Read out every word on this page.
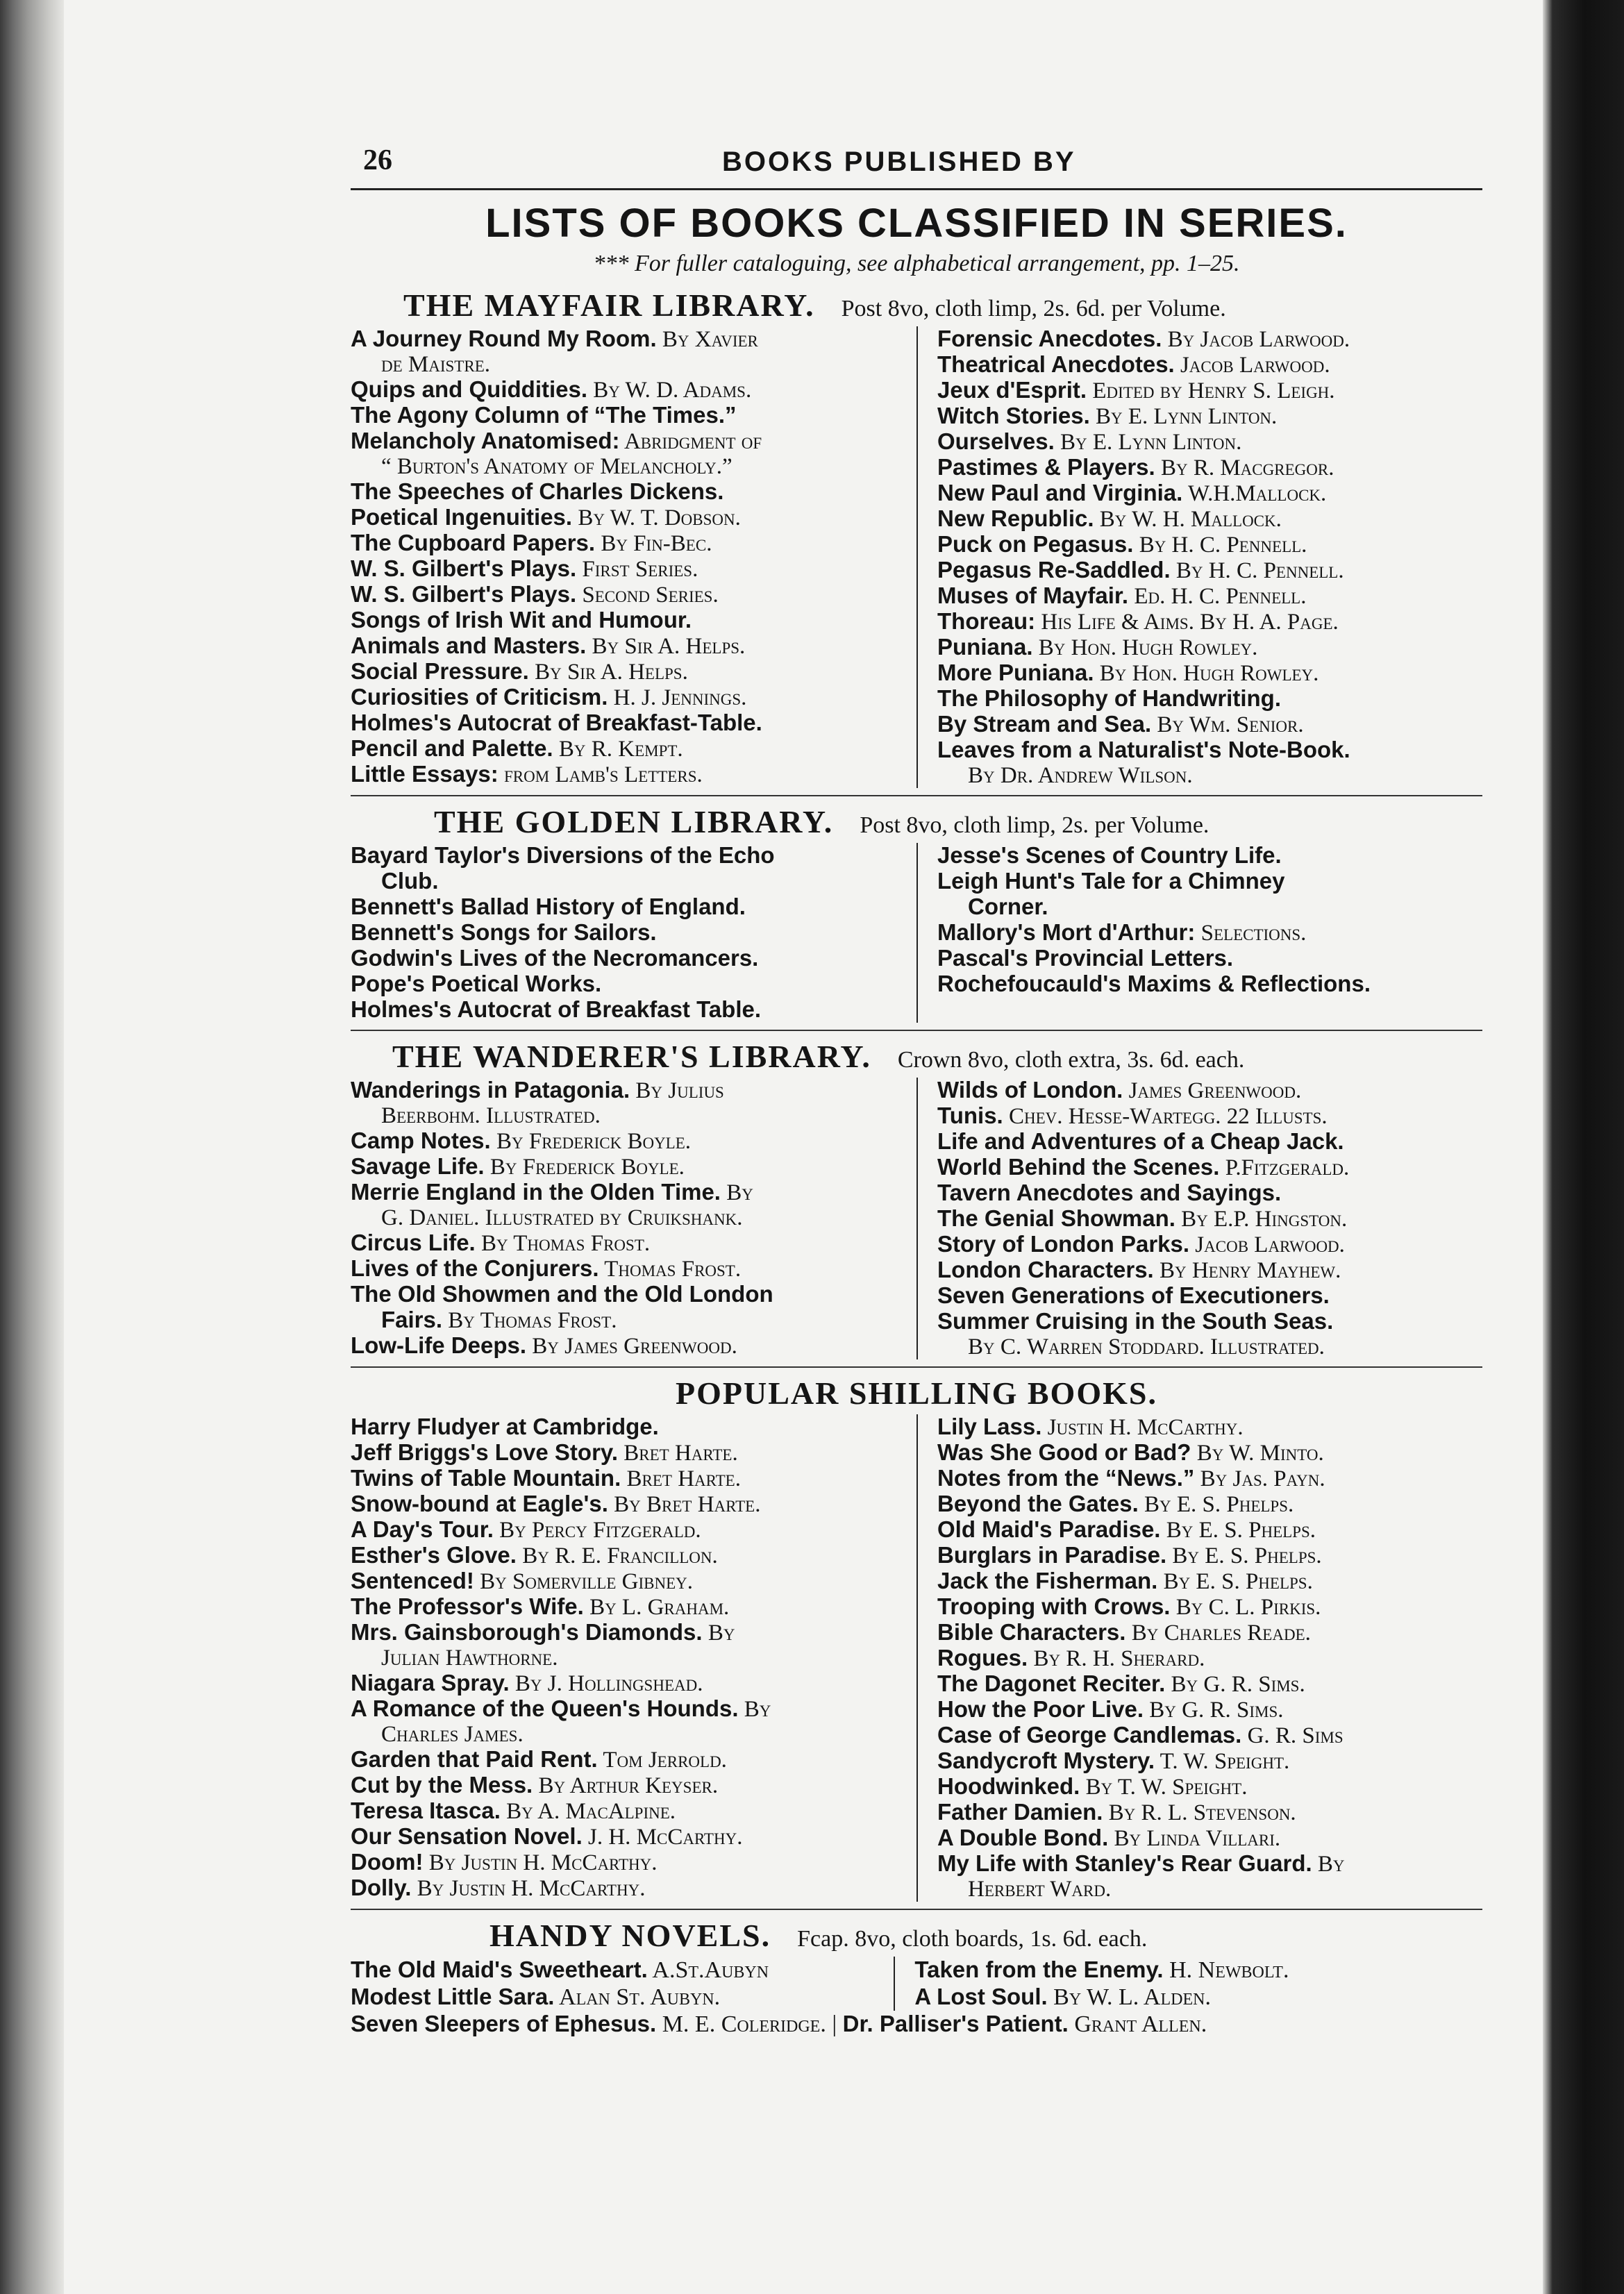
26	BOOKS PUBLISHED BY
LISTS OF BOOKS CLASSIFIED IN SERIES.
*** For fuller cataloguing, see alphabetical arrangement, pp. 1–25.
THE MAYFAIR LIBRARY. Post 8vo, cloth limp, 2s. 6d. per Volume.

A Journey Round My Room. By Xavier
de Maistre.

Quips and Quiddities. By W. D. Adams.

The Agony Column of “The Times.”

Melancholy Anatomised: Abridgment of
“ Burton's Anatomy of Melancholy.”

The Speeches of Charles Dickens.

Poetical Ingenuities. By W. T. Dobson.

The Cupboard Papers. By Fin-Bec.

W. S. Gilbert's Plays. First Series.

W. S. Gilbert's Plays. Second Series.

Songs of Irish Wit and Humour.

Animals and Masters. By Sir A. Helps.

Social Pressure. By Sir A. Helps.

Curiosities of Criticism. H. J. Jennings.

Holmes's Autocrat of Breakfast-Table.

Pencil and Palette. By R. Kempt.

Little Essays: from Lamb's Letters.

Forensic Anecdotes. By Jacob Larwood.

Theatrical Anecdotes. Jacob Larwood.

Jeux d'Esprit. Edited by Henry S. Leigh.

Witch Stories. By E. Lynn Linton.

Ourselves. By E. Lynn Linton.

Pastimes & Players. By R. Macgregor.

New Paul and Virginia. W.H.Mallock.

New Republic. By W. H. Mallock.

Puck on Pegasus. By H. C. Pennell.

Pegasus Re-Saddled. By H. C. Pennell.

Muses of Mayfair. Ed. H. C. Pennell.

Thoreau: His Life & Aims. By H. A. Page.

Puniana. By Hon. Hugh Rowley.

More Puniana. By Hon. Hugh Rowley.

The Philosophy of Handwriting.

By Stream and Sea. By Wm. Senior.

Leaves from a Naturalist's Note-Book.
By Dr. Andrew Wilson.

THE GOLDEN LIBRARY. Post 8vo, cloth limp, 2s. per Volume.

Bayard Taylor's Diversions of the Echo
Club.

Bennett's Ballad History of England.

Bennett's Songs for Sailors.

Godwin's Lives of the Necromancers.

Pope's Poetical Works.

Holmes's Autocrat of Breakfast Table.

Jesse's Scenes of Country Life.

Leigh Hunt's Tale for a Chimney
Corner.

Mallory's Mort d'Arthur: Selections.

Pascal's Provincial Letters.

Rochefoucauld's Maxims & Reflections.

THE WANDERER'S LIBRARY. Crown 8vo, cloth extra, 3s. 6d. each.

Wanderings in Patagonia. By Julius
Beerbohm. Illustrated.

Camp Notes. By Frederick Boyle.

Savage Life. By Frederick Boyle.

Merrie England in the Olden Time. By
G. Daniel. Illustrated by Cruikshank.

Circus Life. By Thomas Frost.

Lives of the Conjurers. Thomas Frost.

The Old Showmen and the Old London
Fairs. By Thomas Frost.

Low-Life Deeps. By James Greenwood.

Wilds of London. James Greenwood.

Tunis. Chev. Hesse-Wartegg. 22 Illusts.

Life and Adventures of a Cheap Jack.

World Behind the Scenes. P.Fitzgerald.

Tavern Anecdotes and Sayings.

The Genial Showman. By E.P. Hingston.

Story of London Parks. Jacob Larwood.

London Characters. By Henry Mayhew.

Seven Generations of Executioners.

Summer Cruising in the South Seas.
By C. Warren Stoddard. Illustrated.

POPULAR SHILLING BOOKS.

Harry Fludyer at Cambridge.

Jeff Briggs's Love Story. Bret Harte.

Twins of Table Mountain. Bret Harte.

Snow-bound at Eagle's. By Bret Harte.

A Day's Tour. By Percy Fitzgerald.

Esther's Glove. By R. E. Francillon.

Sentenced! By Somerville Gibney.

The Professor's Wife. By L. Graham.

Mrs. Gainsborough's Diamonds. By
Julian Hawthorne.

Niagara Spray. By J. Hollingshead.

A Romance of the Queen's Hounds. By
Charles James.

Garden that Paid Rent. Tom Jerrold.

Cut by the Mess. By Arthur Keyser.

Teresa Itasca. By A. MacAlpine.

Our Sensation Novel. J. H. McCarthy.

Doom! By Justin H. McCarthy.

Dolly. By Justin H. McCarthy.

Lily Lass. Justin H. McCarthy.

Was She Good or Bad? By W. Minto.

Notes from the “News.” By Jas. Payn.

Beyond the Gates. By E. S. Phelps.

Old Maid's Paradise. By E. S. Phelps.

Burglars in Paradise. By E. S. Phelps.

Jack the Fisherman. By E. S. Phelps.

Trooping with Crows. By C. L. Pirkis.

Bible Characters. By Charles Reade.

Rogues. By R. H. Sherard.

The Dagonet Reciter. By G. R. Sims.

How the Poor Live. By G. R. Sims.

Case of George Candlemas. G. R. Sims

Sandycroft Mystery. T. W. Speight.

Hoodwinked. By T. W. Speight.

Father Damien. By R. L. Stevenson.

A Double Bond. By Linda Villari.

My Life with Stanley's Rear Guard. By
Herbert Ward.

HANDY NOVELS. Fcap. 8vo, cloth boards, 1s. 6d. each.

The Old Maid's Sweetheart. A.St.Aubyn

Modest Little Sara. Alan St. Aubyn.

Taken from the Enemy. H. Newbolt.

A Lost Soul. By W. L. Alden.

Seven Sleepers of Ephesus. M. E. Coleridge. | Dr. Palliser's Patient. Grant Allen.
